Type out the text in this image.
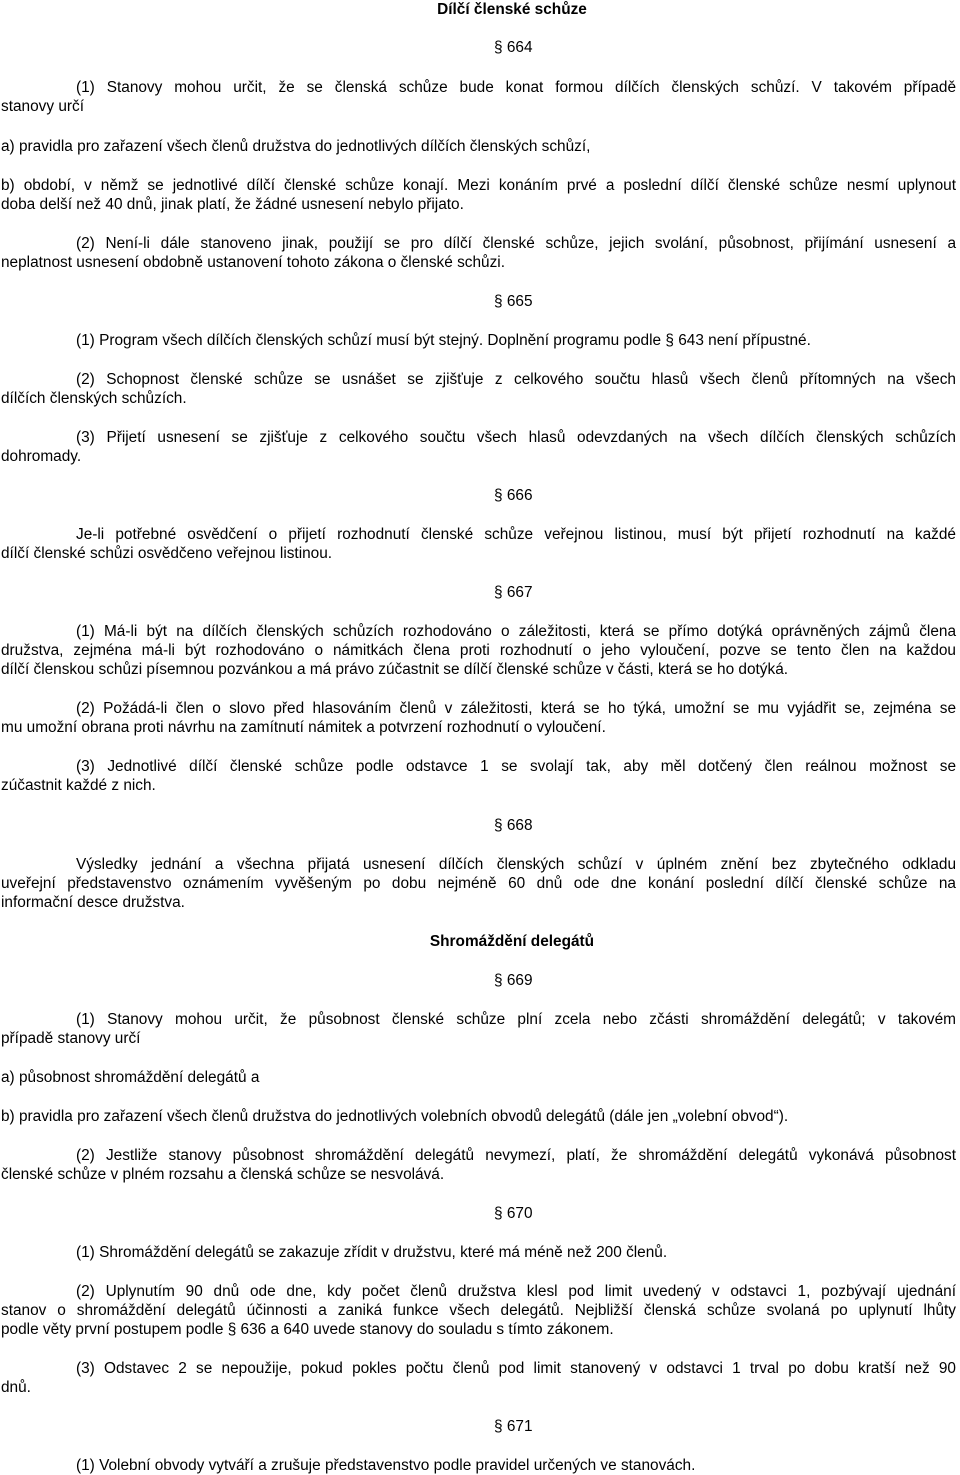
Dílčí členské schůze

§ 664

(1) Stanovy mohou určit, že se členská schůze bude konat formou dílčích členských schůzí. V takovém případě

stanovy určí

a) pravidla pro zařazení všech členů družstva do jednotlivých dílčích členských schůzí,

b) období, v němž se jednotlivé dílčí členské schůze konají. Mezi konáním prvé a poslední dílčí členské schůze nesmí uplynout

doba delší než 40 dnů, jinak platí, že žádné usnesení nebylo přijato.

(2) Není-li dále stanoveno jinak, použijí se pro dílčí členské schůze, jejich svolání, působnost, přijímání usnesení a

neplatnost usnesení obdobně ustanovení tohoto zákona o členské schůzi.

§ 665

(1) Program všech dílčích členských schůzí musí být stejný. Doplnění programu podle § 643 není přípustné.

(2) Schopnost členské schůze se usnášet se zjišťuje z celkového součtu hlasů všech členů přítomných na všech

dílčích členských schůzích.

(3) Přijetí usnesení se zjišťuje z celkového součtu všech hlasů odevzdaných na všech dílčích členských schůzích

dohromady.

§ 666

Je-li potřebné osvědčení o přijetí rozhodnutí členské schůze veřejnou listinou, musí být přijetí rozhodnutí na každé

dílčí členské schůzi osvědčeno veřejnou listinou.

§ 667

(1) Má-li být na dílčích členských schůzích rozhodováno o záležitosti, která se přímo dotýká oprávněných zájmů člena

družstva, zejména má-li být rozhodováno o námitkách člena proti rozhodnutí o jeho vyloučení, pozve se tento člen na každou

dílčí členskou schůzi písemnou pozvánkou a má právo zúčastnit se dílčí členské schůze v části, která se ho dotýká.

(2) Požádá-li člen o slovo před hlasováním členů v záležitosti, která se ho týká, umožní se mu vyjádřit se, zejména se

mu umožní obrana proti návrhu na zamítnutí námitek a potvrzení rozhodnutí o vyloučení.

(3) Jednotlivé dílčí členské schůze podle odstavce 1 se svolají tak, aby měl dotčený člen reálnou možnost se

zúčastnit každé z nich.

§ 668

Výsledky jednání a všechna přijatá usnesení dílčích členských schůzí v úplném znění bez zbytečného odkladu

uveřejní představenstvo oznámením vyvěšeným po dobu nejméně 60 dnů ode dne konání poslední dílčí členské schůze na

informační desce družstva.

Shromáždění delegátů

§ 669

(1) Stanovy mohou určit, že působnost členské schůze plní zcela nebo zčásti shromáždění delegátů; v takovém

případě stanovy určí

a) působnost shromáždění delegátů a

b) pravidla pro zařazení všech členů družstva do jednotlivých volebních obvodů delegátů (dále jen „volební obvod“).

(2) Jestliže stanovy působnost shromáždění delegátů nevymezí, platí, že shromáždění delegátů vykonává působnost

členské schůze v plném rozsahu a členská schůze se nesvolává.

§ 670

(1) Shromáždění delegátů se zakazuje zřídit v družstvu, které má méně než 200 členů.

(2) Uplynutím 90 dnů ode dne, kdy počet členů družstva klesl pod limit uvedený v odstavci 1, pozbývají ujednání

stanov o shromáždění delegátů účinnosti a zaniká funkce všech delegátů. Nejbližší členská schůze svolaná po uplynutí lhůty

podle věty první postupem podle § 636 a 640 uvede stanovy do souladu s tímto zákonem.

(3) Odstavec 2 se nepoužije, pokud pokles počtu členů pod limit stanovený v odstavci 1 trval po dobu kratší než 90

dnů.

§ 671

(1) Volební obvody vytváří a zrušuje představenstvo podle pravidel určených ve stanovách.
